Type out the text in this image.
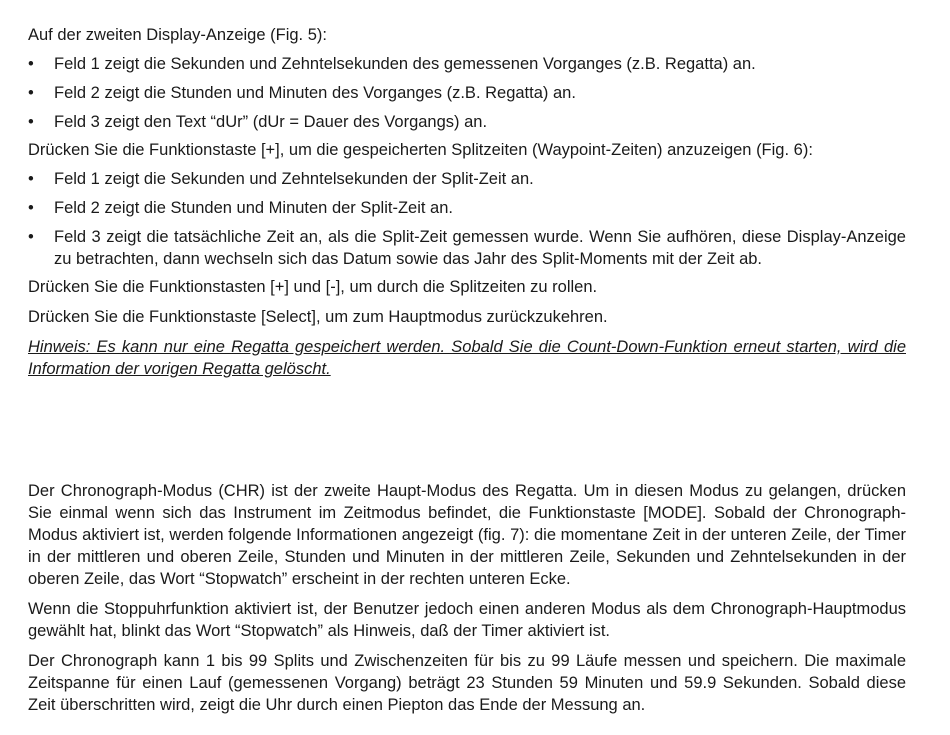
Auf der zweiten Display-Anzeige (Fig. 5):

• Feld 1 zeigt die Sekunden und Zehntelsekunden des gemessenen Vorganges (z.B. Regatta) an.
• Feld 2 zeigt die Stunden und Minuten des Vorganges (z.B. Regatta) an.
• Feld 3 zeigt den Text “dUr” (dUr = Dauer des Vorgangs) an.

Drücken Sie die Funktionstaste [+], um die gespeicherten Splitzeiten (Waypoint-Zeiten) anzuzeigen (Fig. 6):

• Feld 1 zeigt die Sekunden und Zehntelsekunden der Split-Zeit an.
• Feld 2 zeigt die Stunden und Minuten der Split-Zeit an.
• Feld 3 zeigt die tatsächliche Zeit an, als die Split-Zeit gemessen wurde. Wenn Sie aufhören, diese Display-Anzeige zu betrachten, dann wechseln sich das Datum sowie das Jahr des Split-Moments mit der Zeit ab.

Drücken Sie die Funktionstasten [+] und [-], um durch die Splitzeiten zu rollen.

Drücken Sie die Funktionstaste [Select], um zum Hauptmodus zurückzukehren.

Hinweis: Es kann nur eine Regatta gespeichert werden. Sobald Sie die Count-Down-Funktion erneut starten, wird die Information der vorigen Regatta gelöscht.

Der Chronograph-Modus (CHR) ist der zweite Haupt-Modus des Regatta. Um in diesen Modus zu gelangen, drücken Sie einmal wenn sich das Instrument im Zeitmodus befindet, die Funktionstaste [MODE]. Sobald der Chronograph-Modus aktiviert ist, werden folgende Informationen angezeigt (fig. 7): die momentane Zeit in der unteren Zeile, der Timer in der mittleren und oberen Zeile, Stunden und Minuten in der mittleren Zeile, Sekunden und Zehntelsekunden in der oberen Zeile, das Wort “Stopwatch” erscheint in der rechten unteren Ecke.

Wenn die Stoppuhrfunktion aktiviert ist, der Benutzer jedoch einen anderen Modus als dem Chronograph-Hauptmodus gewählt hat, blinkt das Wort “Stopwatch” als Hinweis, daß der Timer aktiviert ist.

Der Chronograph kann 1 bis 99 Splits und Zwischenzeiten für bis zu 99 Läufe messen und speichern. Die maximale Zeitspanne für einen Lauf (gemessenen Vorgang) beträgt 23 Stunden 59 Minuten und 59.9 Sekunden. Sobald diese Zeit überschritten wird, zeigt die Uhr durch einen Piepton das Ende der Messung an.
